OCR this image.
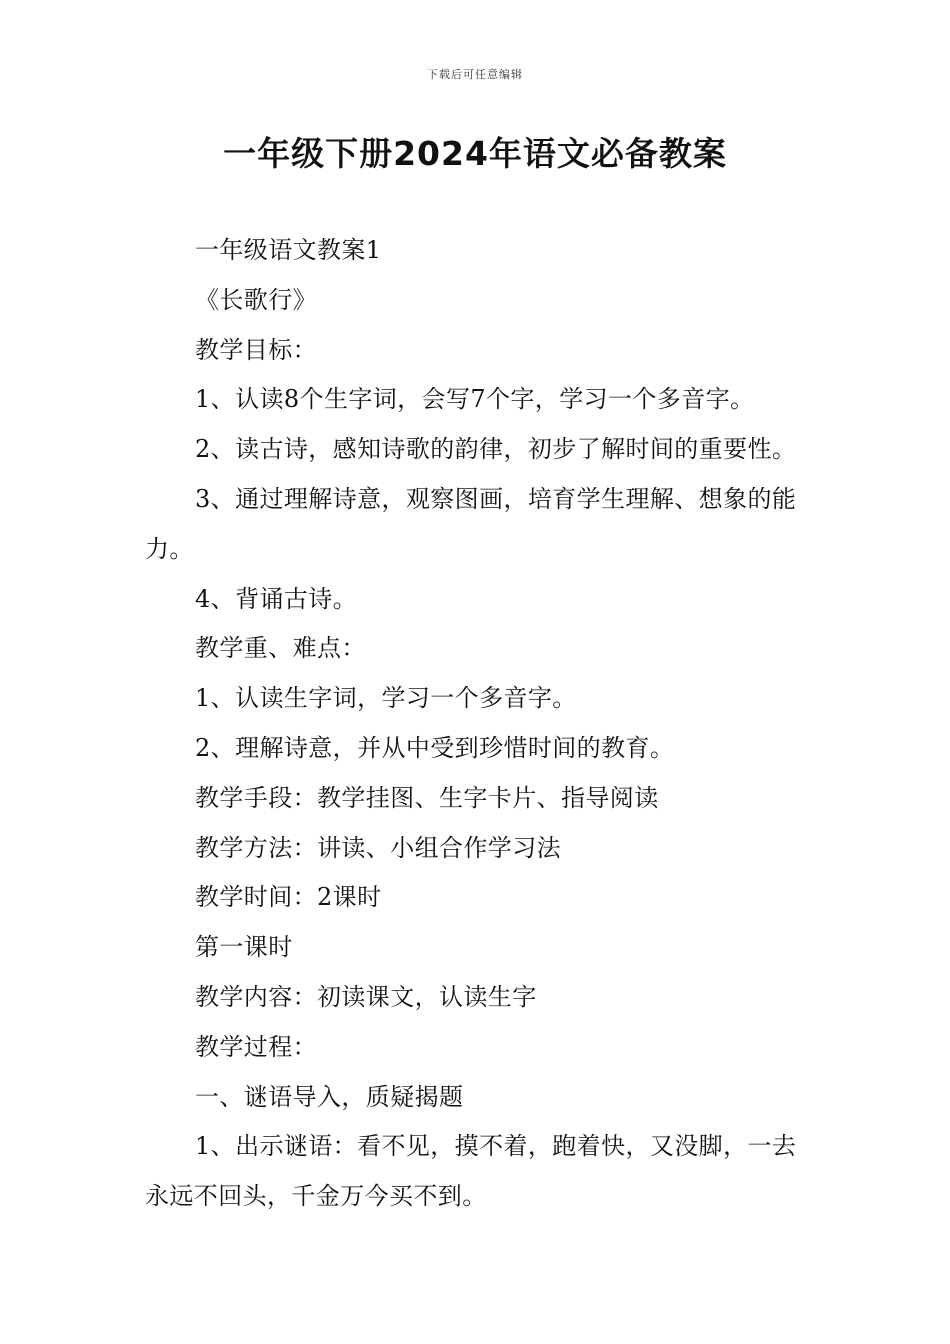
下载后可任意编辑
一年级下册2024年语文必备教案

一年级语文教案1

《长歌行》

教学目标：

1、认读8个生字词，会写7个字，学习一个多音字。

2、读古诗，感知诗歌的韵律，初步了解时间的重要性。

3、通过理解诗意，观察图画，培育学生理解、想象的能力。

4、背诵古诗。

教学重、难点：

1、认读生字词，学习一个多音字。

2、理解诗意，并从中受到珍惜时间的教育。

教学手段：教学挂图、生字卡片、指导阅读

教学方法：讲读、小组合作学习法

教学时间：2课时

第一课时

教学内容：初读课文，认读生字

教学过程：

一、谜语导入，质疑揭题

1、出示谜语：看不见，摸不着，跑着快，又没脚，一去永远不回头，千金万今买不到。
